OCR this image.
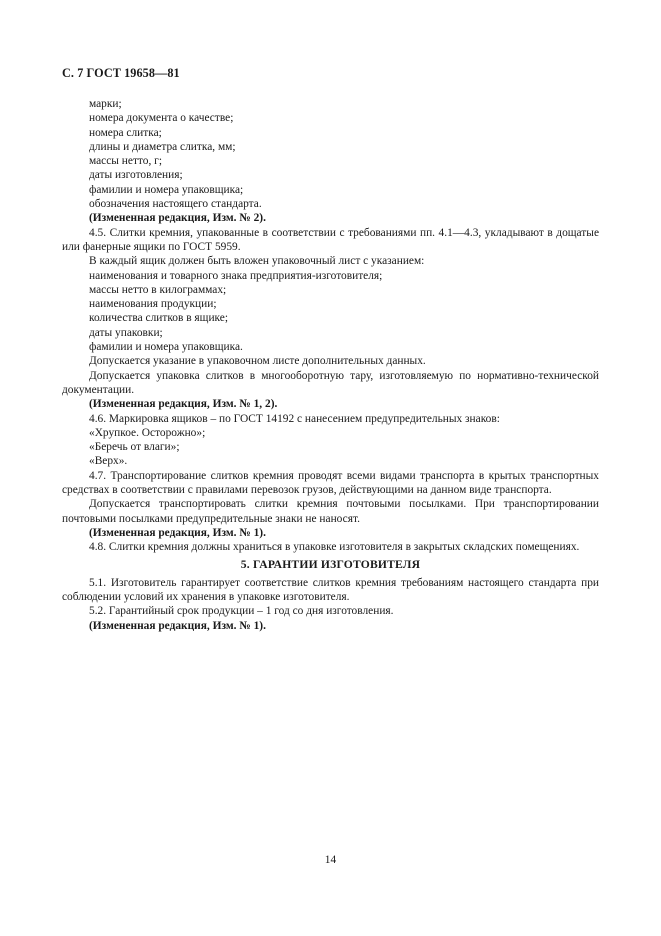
С. 7 ГОСТ 19658—81

марки;

номера документа о качестве;

номера слитка;

длины и диаметра слитка, мм;

массы нетто, г;

даты изготовления;

фамилии и номера упаковщика;

обозначения настоящего стандарта.

(Измененная редакция, Изм. № 2).

4.5. Слитки кремния, упакованные в соответствии с требованиями пп. 4.1—4.3, укладывают в дощатые или фанерные ящики по ГОСТ 5959.

В каждый ящик должен быть вложен упаковочный лист с указанием:

наименования и товарного знака предприятия-изготовителя;

массы нетто в килограммах;

наименования продукции;

количества слитков в ящике;

даты упаковки;

фамилии и номера упаковщика.

Допускается указание в упаковочном листе дополнительных данных.

Допускается упаковка слитков в многооборотную тару, изготовляемую по нормативно-технической документации.

(Измененная редакция, Изм. № 1, 2).

4.6. Маркировка ящиков – по ГОСТ 14192 с нанесением предупредительных знаков:

«Хрупкое. Осторожно»;

«Беречь от влаги»;

«Верх».

4.7. Транспортирование слитков кремния проводят всеми видами транспорта в крытых транспортных средствах в соответствии с правилами перевозок грузов, действующими на данном виде транспорта.

Допускается транспортировать слитки кремния почтовыми посылками. При транспортировании почтовыми посылками предупредительные знаки не наносят.

(Измененная редакция, Изм. № 1).

4.8. Слитки кремния должны храниться в упаковке изготовителя в закрытых складских помещениях.

5. ГАРАНТИИ ИЗГОТОВИТЕЛЯ

5.1. Изготовитель гарантирует соответствие слитков кремния требованиям настоящего стандарта при соблюдении условий их хранения в упаковке изготовителя.

5.2. Гарантийный срок продукции – 1 год со дня изготовления.

(Измененная редакция, Изм. № 1).

14
